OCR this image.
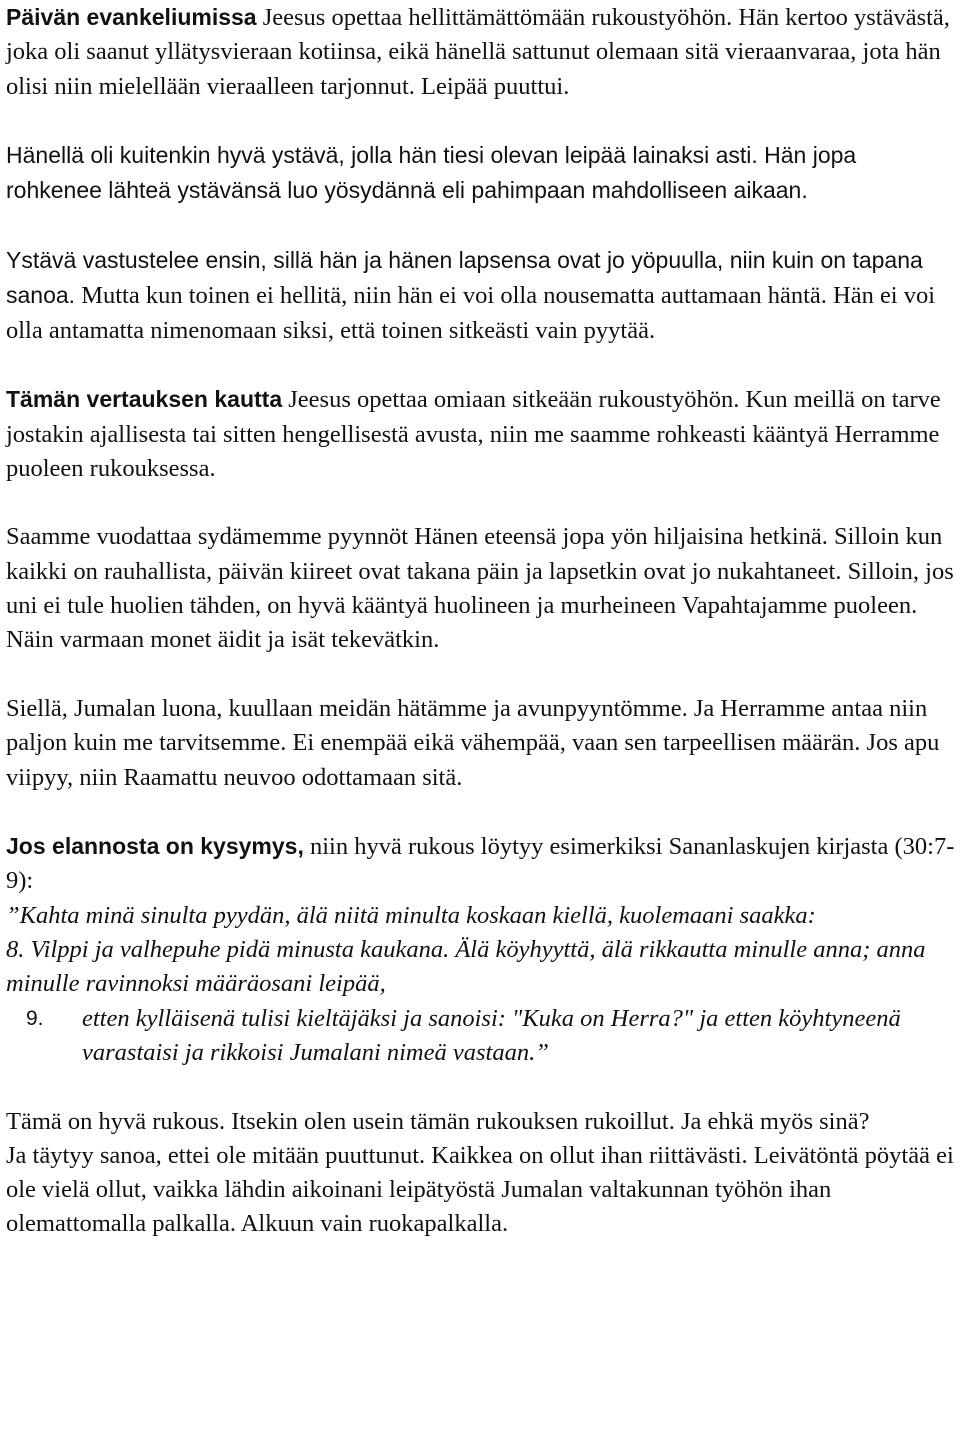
Päivän evankeliumissa Jeesus opettaa hellittämättömään rukoustyöhön. Hän kertoo ystävästä, joka oli saanut yllätysvieraan kotiinsa, eikä hänellä sattunut olemaan sitä vieraanvaraa, jota hän olisi niin mielellään vieraalleen tarjonnut. Leipää puuttui.

Hänellä oli kuitenkin hyvä ystävä, jolla hän tiesi olevan leipää lainaksi asti. Hän jopa rohkenee lähteä ystävänsä luo yösydännä eli pahimpaan mahdolliseen aikaan.

Ystävä vastustelee ensin, sillä hän ja hänen lapsensa ovat jo yöpuulla, niin kuin on tapana sanoa. Mutta kun toinen ei hellitä, niin hän ei voi olla nousematta auttamaan häntä. Hän ei voi olla antamatta nimenomaan siksi, että toinen sitkeästi vain pyytää.

Tämän vertauksen kautta Jeesus opettaa omiaan sitkeään rukoustyöhön. Kun meillä on tarve jostakin ajallisesta tai sitten hengellisestä avusta, niin me saamme rohkeasti kääntyä Herramme puoleen rukouksessa.

Saamme vuodattaa sydämemme pyynnöt Hänen eteensä jopa yön hiljaisina hetkinä. Silloin kun kaikki on rauhallista, päivän kiireet ovat takana päin ja lapsetkin ovat jo nukahtaneet. Silloin, jos uni ei tule huolien tähden, on hyvä kääntyä huolineen ja murheineen Vapahtajamme puoleen. Näin varmaan monet äidit ja isät tekevätkin.

Siellä, Jumalan luona, kuullaan meidän hätämme ja avunpyyntömme. Ja Herramme antaa niin paljon kuin me tarvitsemme. Ei enempää eikä vähempää, vaan sen tarpeellisen määrän. Jos apu viipyy, niin Raamattu neuvoo odottamaan sitä.

Jos elannosta on kysymys, niin hyvä rukous löytyy esimerkiksi Sananlaskujen kirjasta (30:7-9):

”Kahta minä sinulta pyydän, älä niitä minulta koskaan kiellä, kuolemaani saakka:

8. Vilppi ja valhepuhe pidä minusta kaukana. Älä köyhyyttä, älä rikkautta minulle anna; anna minulle ravinnoksi määräosani leipää,

9.	etten kylläisenä tulisi kieltäjäksi ja sanoisi: "Kuka on Herra?" ja etten köyhtyneenä varastaisi ja rikkoisi Jumalani nimeä vastaan.”

Tämä on hyvä rukous. Itsekin olen usein tämän rukouksen rukoillut. Ja ehkä myös sinä?

Ja täytyy sanoa, ettei ole mitään puuttunut. Kaikkea on ollut ihan riittävästi. Leivätöntä pöytää ei ole vielä ollut, vaikka lähdin aikoinani leipätyöstä Jumalan valtakunnan työhön ihan olemattomalla palkalla. Alkuun vain ruokapalkalla.
